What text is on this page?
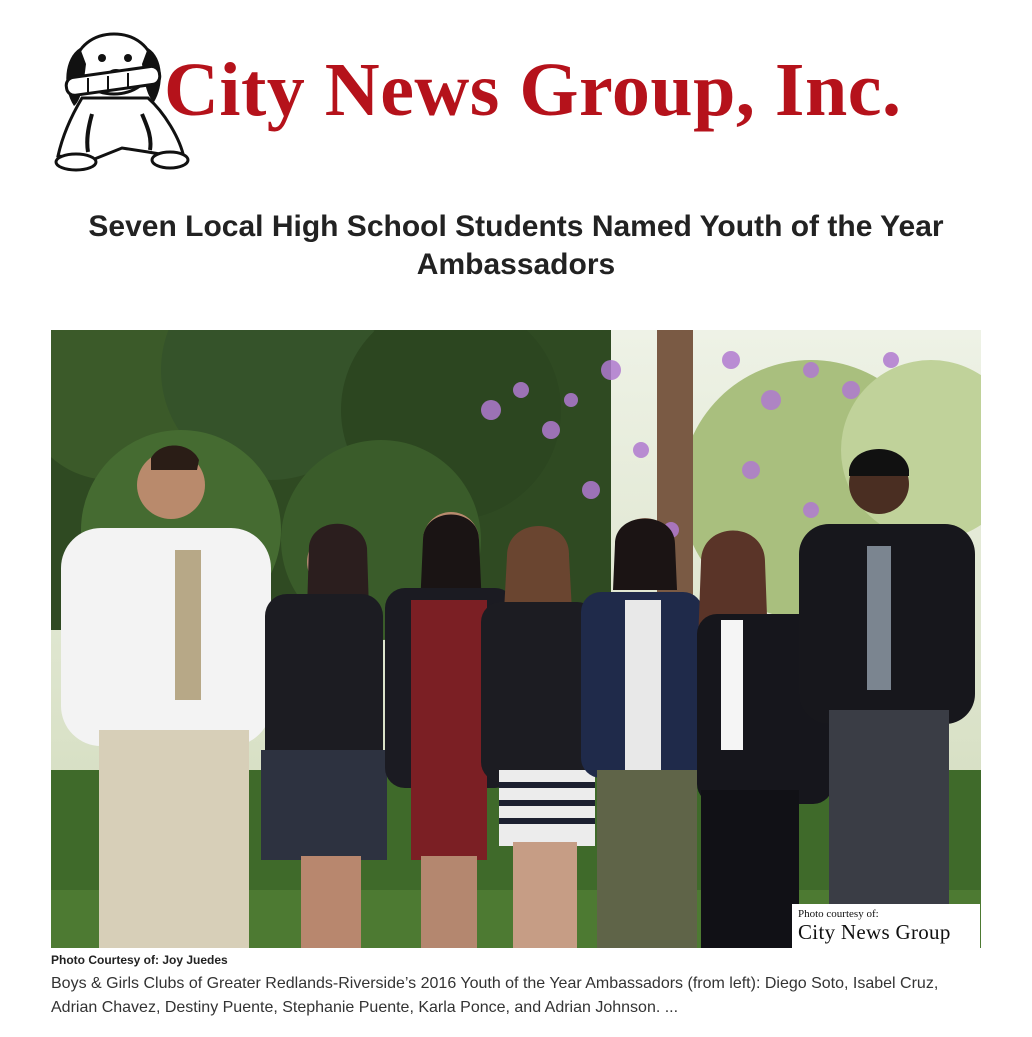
City News Group, Inc.
Seven Local High School Students Named Youth of the Year Ambassadors
Photo courtesy of:
City News Group
Photo Courtesy of: Joy Juedes
Boys & Girls Clubs of Greater Redlands-Riverside’s 2016 Youth of the Year Ambassadors (from left): Diego Soto, Isabel Cruz, Adrian Chavez, Destiny Puente, Stephanie Puente, Karla Ponce, and Adrian Johnson. ...
